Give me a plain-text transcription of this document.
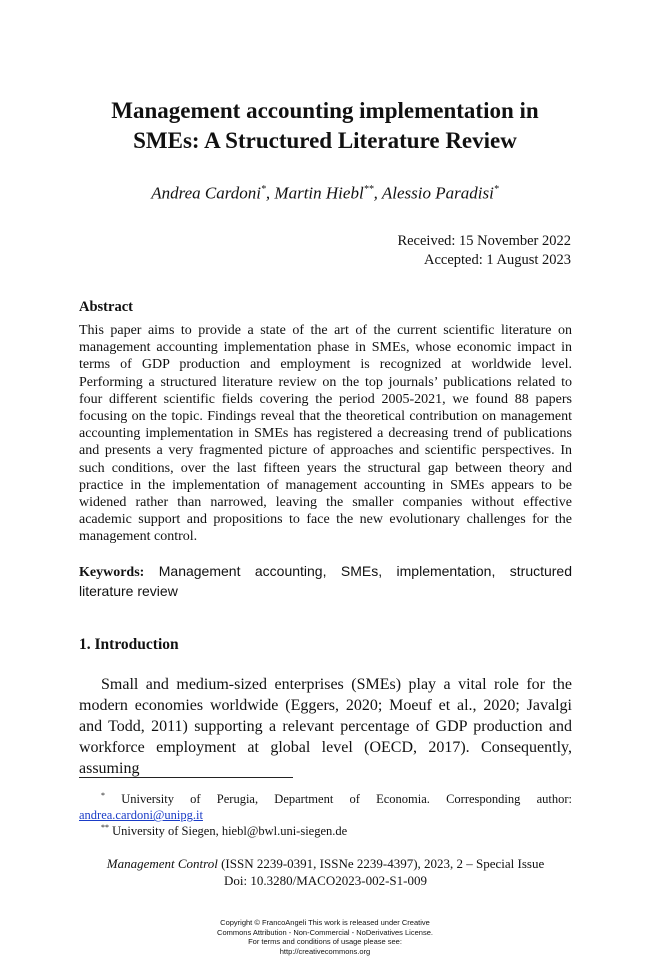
Management accounting implementation in
SMEs: A Structured Literature Review
Andrea Cardoni*, Martin Hiebl**, Alessio Paradisi*
Received: 15 November 2022
Accepted: 1 August 2023
Abstract

This paper aims to provide a state of the art of the current scientific literature on management accounting implementation phase in SMEs, whose economic impact in terms of GDP production and employment is recognized at worldwide level. Performing a structured literature review on the top journals’ publications related to four different scientific fields covering the period 2005-2021, we found 88 papers focusing on the topic. Findings reveal that the theoretical contribution on management accounting implementation in SMEs has registered a decreasing trend of publications and presents a very fragmented picture of approaches and scientific perspectives. In such conditions, over the last fifteen years the structural gap between theory and practice in the implementation of management accounting in SMEs appears to be widened rather than narrowed, leaving the smaller companies without effective academic support and propositions to face the new evolutionary challenges for the management control.

Keywords: Management accounting, SMEs, implementation, structured literature review

1. Introduction

Small and medium-sized enterprises (SMEs) play a vital role for the modern economies worldwide (Eggers, 2020; Moeuf et al., 2020; Javalgi and Todd, 2011) supporting a relevant percentage of GDP production and workforce employment at global level (OECD, 2017). Consequently, assuming

* University of Perugia, Department of Economia. Corresponding author: andrea.cardoni@unipg.it

** University of Siegen, hiebl@bwl.uni-siegen.de
Management Control (ISSN 2239-0391, ISSNe 2239-4397), 2023, 2 – Special Issue
Doi: 10.3280/MACO2023-002-S1-009
Copyright © FrancoAngeli This work is released under Creative
Commons Attribution - Non-Commercial - NoDerivatives License.
For terms and conditions of usage please see:
http://creativecommons.org
